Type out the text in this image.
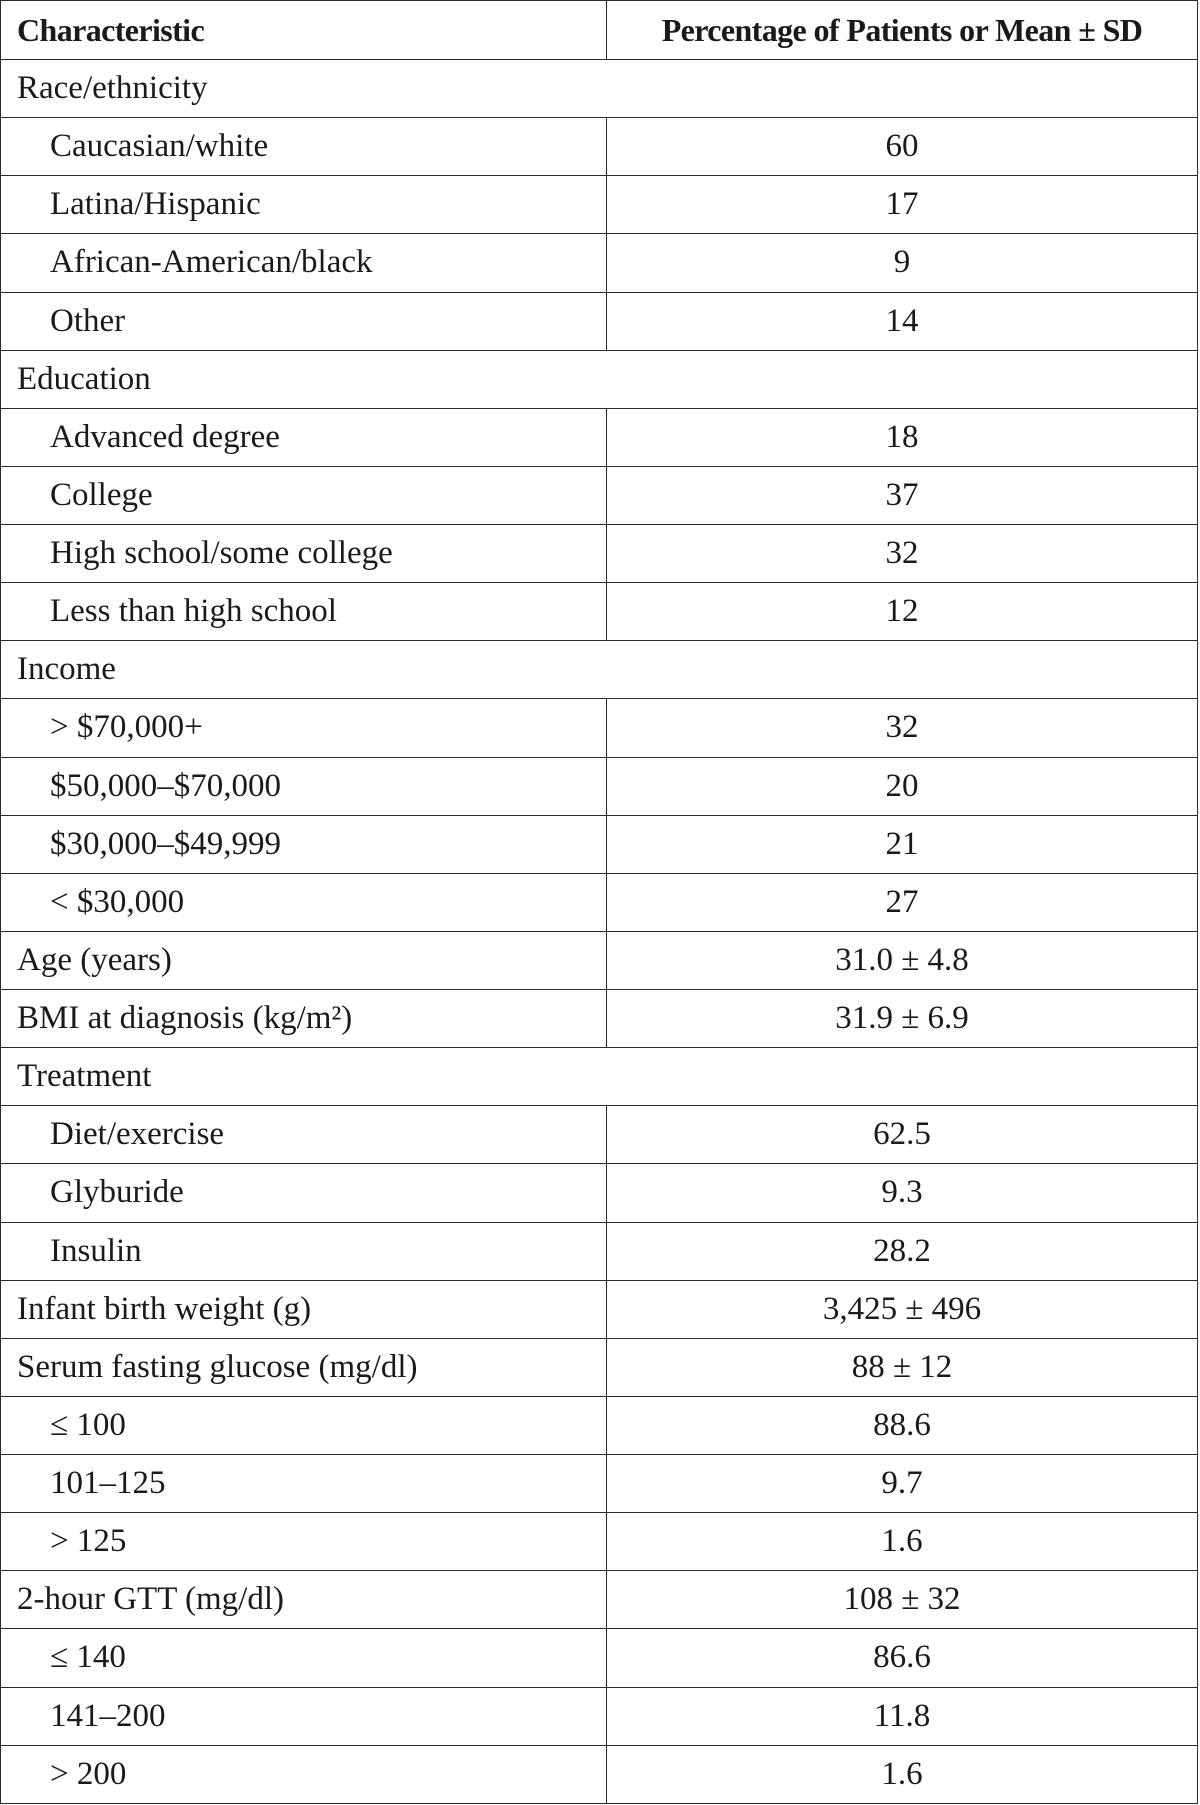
Characteristic	Percentage of Patients or Mean ± SD
Race/ethnicity	
Caucasian/white	60
Latina/Hispanic	17
African-American/black	9
Other	14
Education	
Advanced degree	18
College	37
High school/some college	32
Less than high school	12
Income	
> $70,000+	32
$50,000–$70,000	20
$30,000–$49,999	21
< $30,000	27
Age (years)	31.0 ± 4.8
BMI at diagnosis (kg/m²)	31.9 ± 6.9
Treatment	
Diet/exercise	62.5
Glyburide	9.3
Insulin	28.2
Infant birth weight (g)	3,425 ± 496
Serum fasting glucose (mg/dl)	88 ± 12
≤ 100	88.6
101–125	9.7
> 125	1.6
2-hour GTT (mg/dl)	108 ± 32
≤ 140	86.6
141–200	11.8
> 200	1.6
